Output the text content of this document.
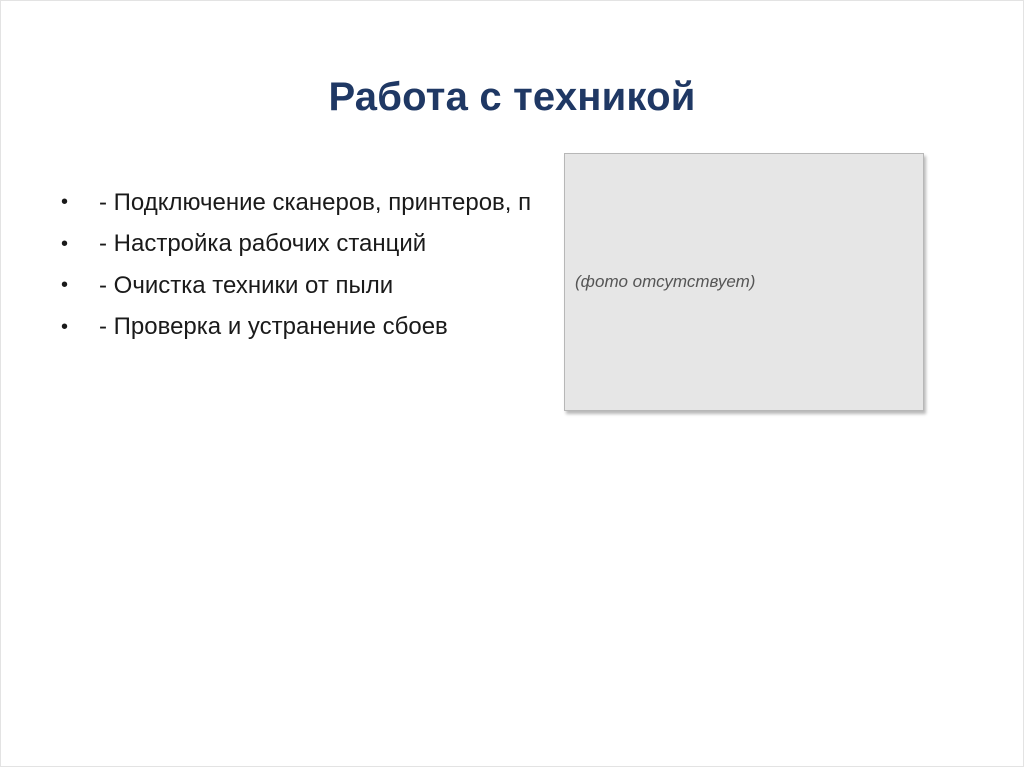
Работа с техникой
•	- Подключение сканеров, принтеров, п
•	- Настройка рабочих станций
•	- Очистка техники от пыли
•	- Проверка и устранение сбоев
(фото отсутствует)
